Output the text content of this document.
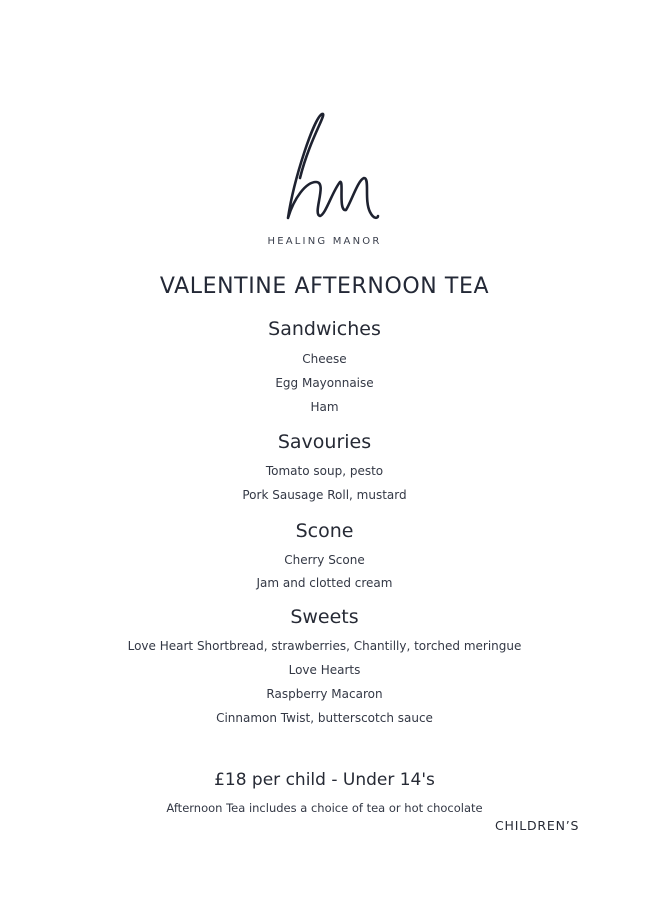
HEALING MANOR
VALENTINE AFTERNOON TEA
Sandwiches
Cheese
Egg Mayonnaise
Ham
Savouries
Tomato soup, pesto
Pork Sausage Roll, mustard
Scone
Cherry Scone
Jam and clotted cream
Sweets
Love Heart Shortbread, strawberries, Chantilly, torched meringue
Love Hearts
Raspberry Macaron
Cinnamon Twist, butterscotch sauce
£18 per child - Under 14's
Afternoon Tea includes a choice of tea or hot chocolate
CHILDREN’S
